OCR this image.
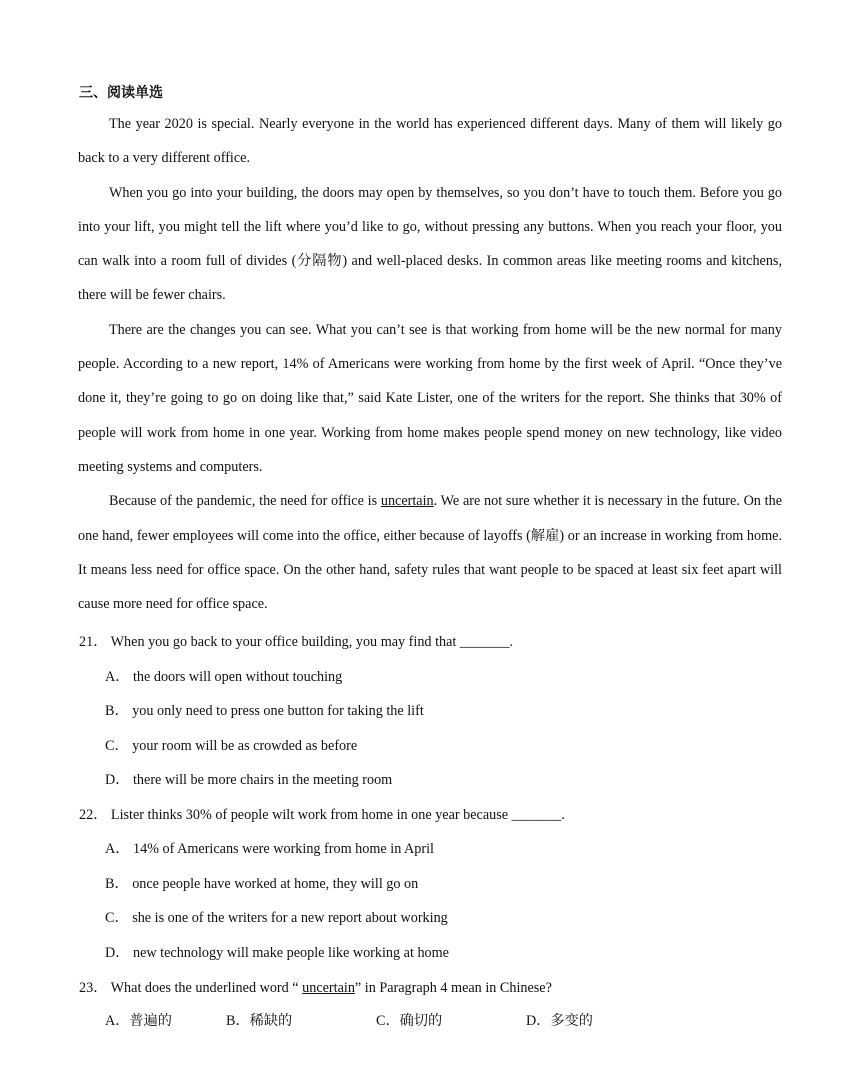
三、阅读单选

The year 2020 is special. Nearly everyone in the world has experienced different days. Many of them will likely go back to a very different office.

When you go into your building, the doors may open by themselves, so you don’t have to touch them. Before you go into your lift, you might tell the lift where you’d like to go, without pressing any buttons. When you reach your floor, you can walk into a room full of divides (分隔物) and well-placed desks. In common areas like meeting rooms and kitchens, there will be fewer chairs.

There are the changes you can see. What you can’t see is that working from home will be the new normal for many people. According to a new report, 14% of Americans were working from home by the first week of April. “Once they’ve done it, they’re going to go on doing like that,” said Kate Lister, one of the writers for the report. She thinks that 30% of people will work from home in one year. Working from home makes people spend money on new technology, like video meeting systems and computers.

Because of the pandemic, the need for office is uncertain. We are not sure whether it is necessary in the future. On the one hand, fewer employees will come into the office, either because of layoffs (解雇) or an increase in working from home. It means less need for office space. On the other hand, safety rules that want people to be spaced at least six feet apart will cause more need for office space.

21． When you go back to your office building, you may find that _______.
A． the doors will open without touching
B． you only need to press one button for taking the lift
C． your room will be as crowded as before
D． there will be more chairs in the meeting room
22． Lister thinks 30% of people wilt work from home in one year because _______.
A． 14% of Americans were working from home in April
B． once people have worked at home, they will go on
C． she is one of the writers for a new report about working
D． new technology will make people like working at home
23． What does the underlined word “ uncertain” in Paragraph 4 mean in Chinese?
A．普遍的	B．稀缺的	C．确切的	D．多变的
